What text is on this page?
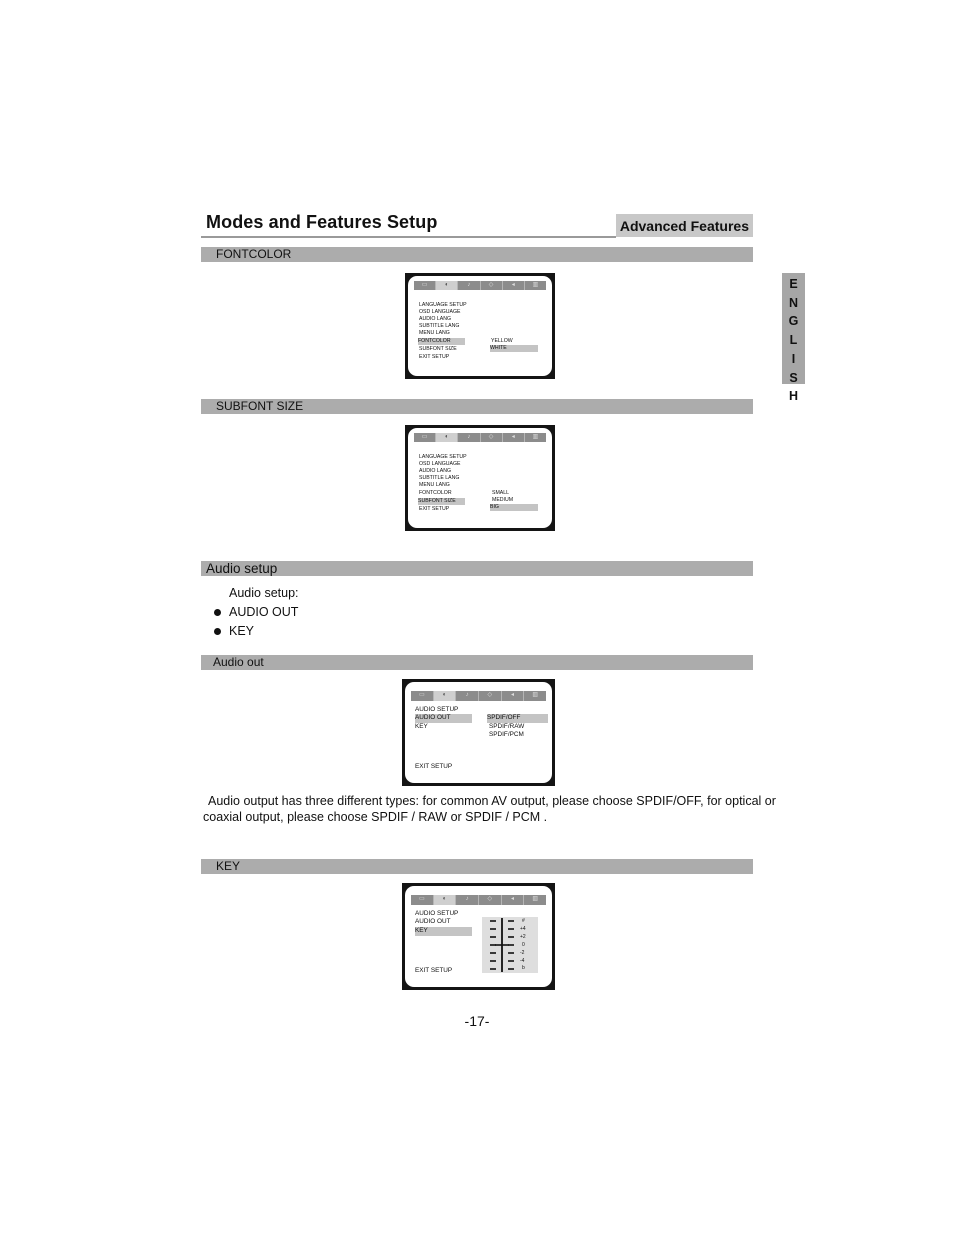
Modes and Features Setup	Advanced Features
E
N
G
L
I
S
H
FONTCOLOR
▭	◐	♪	◇	◂	▥
LANGUAGE SETUP
OSD LANGUAGE
AUDIO LANG
SUBTITLE LANG
MENU LANG
FONTCOLOR
SUBFONT SIZE
EXIT SETUP
YELLOW
WHITE
SUBFONT SIZE
▭	◐	♪	◇	◂	▥
LANGUAGE SETUP
OSD LANGUAGE
AUDIO LANG
SUBTITLE LANG
MENU LANG
FONTCOLOR
SUBFONT SIZE
EXIT SETUP
SMALL
MEDIUM
BIG
Audio setup
Audio setup:
AUDIO OUT
KEY
Audio out
▭	◐	♪	◇	◂	▥
AUDIO SETUP
AUDIO OUT
KEY
EXIT SETUP
SPDIF/OFF
SPDIF/RAW
SPDIF/PCM
Audio output has three different types: for common AV output, please choose SPDIF/OFF, for optical or
coaxial output, please choose SPDIF / RAW or SPDIF / PCM .
KEY
▭	◐	♪	◇	◂	▥
AUDIO SETUP
AUDIO OUT
KEY
EXIT SETUP
#
+4
+2
0
-2
-4
b
-17-
